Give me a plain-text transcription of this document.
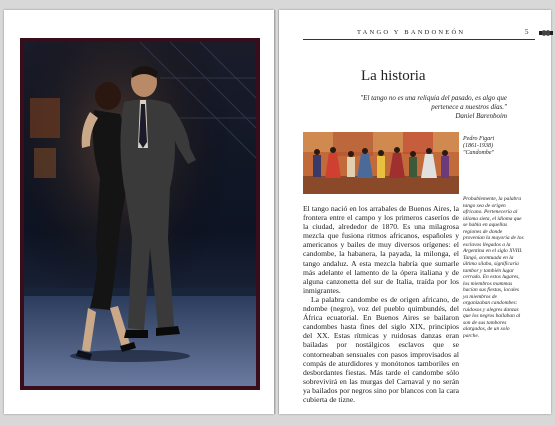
TANGO Y BANDONEÓN	5
La historia
"El tango no es una reliquia del pasado, es algo que pertenece a nuestros días."
Daniel Barenboim
Pedro Figari
(1861-1938)
"Candombe"

El tango nació en los arrabales de Buenos Aires, la frontera entre el campo y los primeros caseríos de la ciudad, alrededor de 1870. Es una milagrosa mezcla que fusiona ritmos africanos, españoles y americanos y bailes de muy diversos orígenes: el candombe, la habanera, la payada, la milonga, el tango andaluz. A esta mezcla habría que sumarle más adelante el lamento de la ópera italiana y de alguna canzonetta del sur de Italia, traída por los inmigrantes.

La palabra candombe es de origen africano, de ndombe (negro), voz del pueblo quimbundés, del África ecuatorial. En Buenos Aires se bailaron candombes hasta fines del siglo XIX, principios del XX. Estas rítmicas y ruidosas danzas eran bailadas por nostálgicos esclavos que se contorneaban sensuales con pasos improvisados al compás de aturdidores y monótonos tamboriles en desbordantes fiestas. Más tarde el candombe sólo sobrevivirá en las murgas del Carnaval y no serán ya bailados por negros sino por blancos con la cara cubierta de tizne.

Probablemente, la palabra tango sea de origen africano. Pertenecería al idioma sieta, el idioma que se habla en aquellas regiones de donde provenían la mayoría de los esclavos llegados a la Argentina en el siglo XVIII. Tangó, acentuada en la última sílaba, significaría tambor y también lugar cerrado. En estos lugares, los miembros mammas hacían sus fiestas, locales ya miembros de organizaban candombes: ruidosos y alegres danzas que los negros bailaban al son de sus tambores alargados, de un solo parche.
